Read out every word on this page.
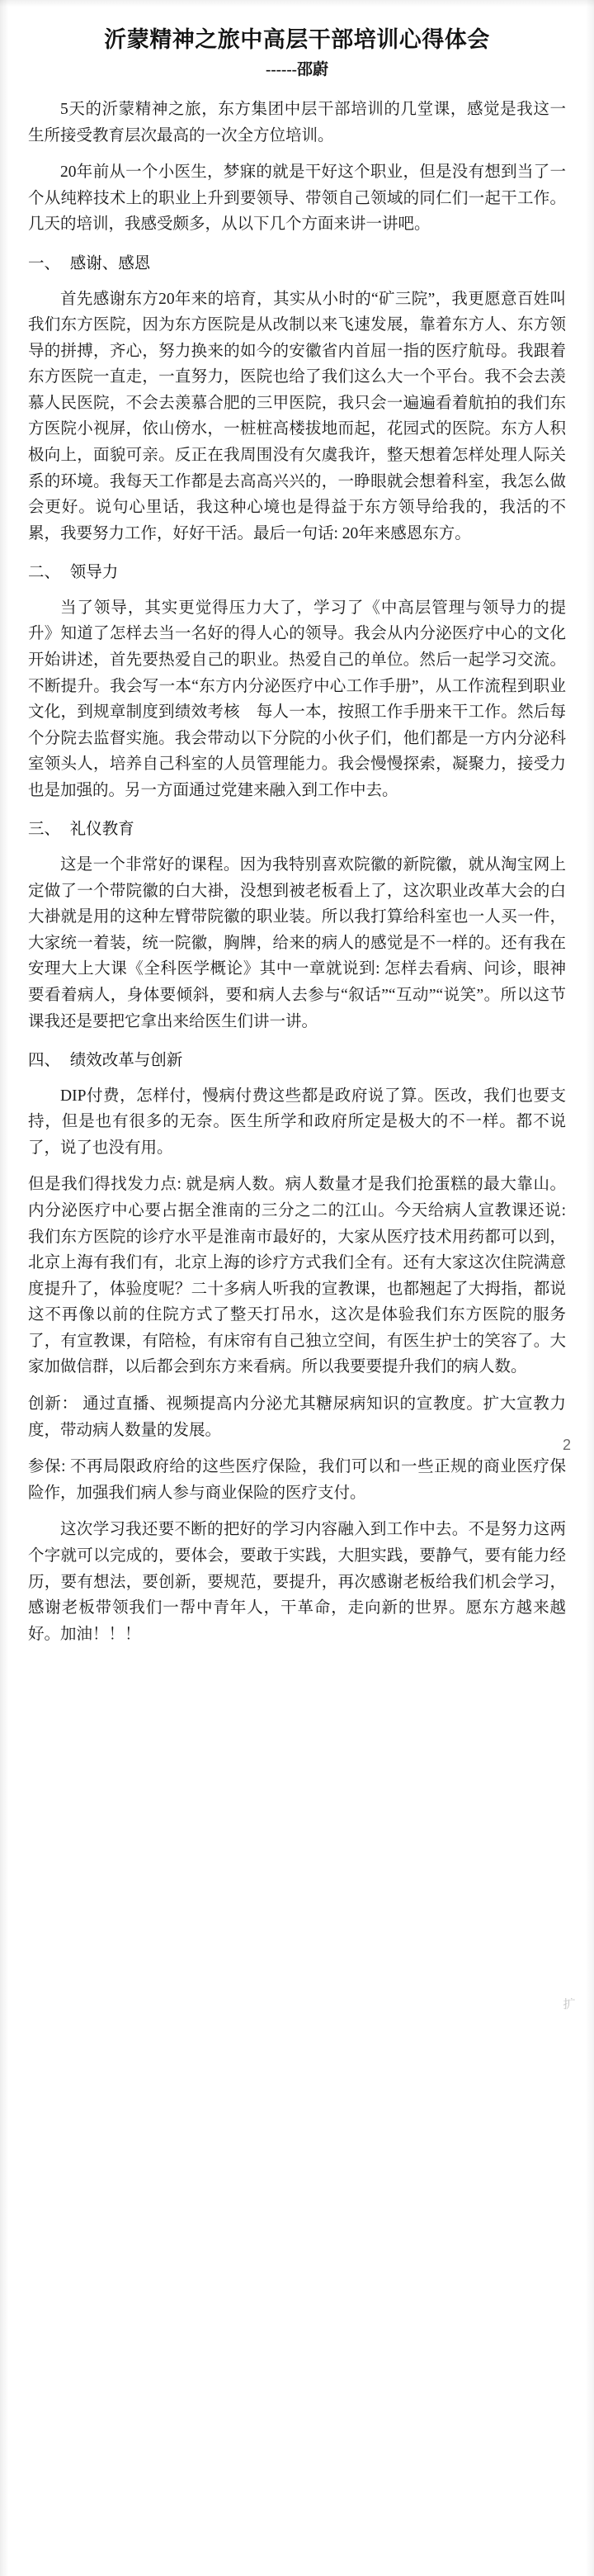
沂蒙精神之旅中高层干部培训心得体会
------邵蔚

5天的沂蒙精神之旅，东方集团中层干部培训的几堂课，感觉是我这一生所接受教育层次最高的一次全方位培训。

20年前从一个小医生，梦寐的就是干好这个职业，但是没有想到当了一个从纯粹技术上的职业上升到要领导、带领自己领域的同仁们一起干工作。几天的培训，我感受颇多，从以下几个方面来讲一讲吧。

一、 感谢、感恩

首先感谢东方20年来的培育，其实从小时的“矿三院”，我更愿意百姓叫我们东方医院，因为东方医院是从改制以来飞速发展，靠着东方人、东方领导的拼搏，齐心，努力换来的如今的安徽省内首屈一指的医疗航母。我跟着东方医院一直走，一直努力，医院也给了我们这么大一个平台。我不会去羡慕人民医院，不会去羡慕合肥的三甲医院，我只会一遍遍看着航拍的我们东方医院小视屏，依山傍水，一桩桩高楼拔地而起，花园式的医院。东方人积极向上，面貌可亲。反正在我周围没有欠虞我许，整天想着怎样处理人际关系的环境。我每天工作都是去高高兴兴的，一睁眼就会想着科室，我怎么做会更好。说句心里话，我这种心境也是得益于东方领导给我的，我活的不累，我要努力工作，好好干活。最后一句话: 20年来感恩东方。

二、 领导力

当了领导，其实更觉得压力大了，学习了《中高层管理与领导力的提升》知道了怎样去当一名好的得人心的领导。我会从内分泌医疗中心的文化开始讲述，首先要热爱自己的职业。热爱自己的单位。然后一起学习交流。不断提升。我会写一本“东方内分泌医疗中心工作手册”，从工作流程到职业文化，到规章制度到绩效考核　每人一本，按照工作手册来干工作。然后每个分院去监督实施。我会带动以下分院的小伙子们，他们都是一方内分泌科室领头人，培养自己科室的人员管理能力。我会慢慢探索，凝聚力，接受力也是加强的。另一方面通过党建来融入到工作中去。

三、 礼仪教育

这是一个非常好的课程。因为我特别喜欢院徽的新院徽，就从淘宝网上定做了一个带院徽的白大褂，没想到被老板看上了，这次职业改革大会的白大褂就是用的这种左臂带院徽的职业装。所以我打算给科室也一人买一件，大家统一着装，统一院徽，胸牌，给来的病人的感觉是不一样的。还有我在安理大上大课《全科医学概论》其中一章就说到: 怎样去看病、问诊，眼神要看着病人，身体要倾斜，要和病人去参与“叙话”“互动”“说笑”。所以这节课我还是要把它拿出来给医生们讲一讲。

四、 绩效改革与创新

DIP付费，怎样付，慢病付费这些都是政府说了算。医改，我们也要支持，但是也有很多的无奈。医生所学和政府所定是极大的不一样。都不说了，说了也没有用。

但是我们得找发力点: 就是病人数。病人数量才是我们抢蛋糕的最大靠山。内分泌医疗中心要占据全淮南的三分之二的江山。今天给病人宣教课还说: 我们东方医院的诊疗水平是淮南市最好的，大家从医疗技术用药都可以到，北京上海有我们有，北京上海的诊疗方式我们全有。还有大家这次住院满意度提升了，体验度呢？二十多病人听我的宣教课，也都翘起了大拇指，都说这不再像以前的住院方式了整天打吊水，这次是体验我们东方医院的服务了，有宣教课，有陪检，有床帘有自己独立空间，有医生护士的笑容了。大家加做信群，以后都会到东方来看病。所以我要要提升我们的病人数。

创新： 通过直播、视频提高内分泌尤其糖尿病知识的宣教度。扩大宣教力度，带动病人数量的发展。

参保: 不再局限政府给的这些医疗保险，我们可以和一些正规的商业医疗保险作，加强我们病人参与商业保险的医疗支付。

这次学习我还要不断的把好的学习内容融入到工作中去。不是努力这两个字就可以完成的，要体会，要敢于实践，大胆实践，要静气，要有能力经历，要有想法，要创新，要规范，要提升，再次感谢老板给我们机会学习，感谢老板带领我们一帮中青年人，干革命，走向新的世界。愿东方越来越好。加油！！！

2
扩
